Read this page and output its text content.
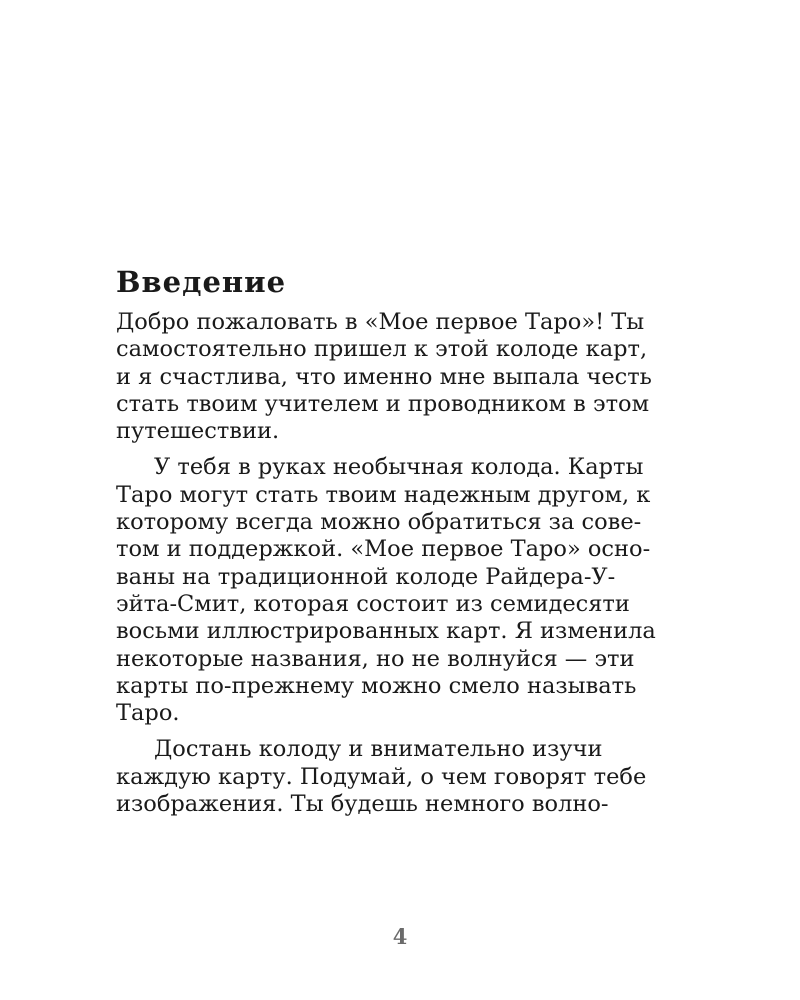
Введение

Добро пожаловать в «Мое первое Таро»! Ты
самостоятельно пришел к этой колоде карт,
и я счастлива, что именно мне выпала честь
стать твоим учителем и проводником в этом
путешествии.

У тебя в руках необычная колода. Карты
Таро могут стать твоим надежным другом, к
которому всегда можно обратиться за сове-
том и поддержкой. «Мое первое Таро» осно-
ваны на традиционной колоде Райдера-У-
эйта-Смит, которая состоит из семидесяти
восьми иллюстрированных карт. Я изменила
некоторые названия, но не волнуйся — эти
карты по-прежнему можно смело называть
Таро.

Достань колоду и внимательно изучи
каждую карту. Подумай, о чем говорят тебе
изображения. Ты будешь немного волно-

4
